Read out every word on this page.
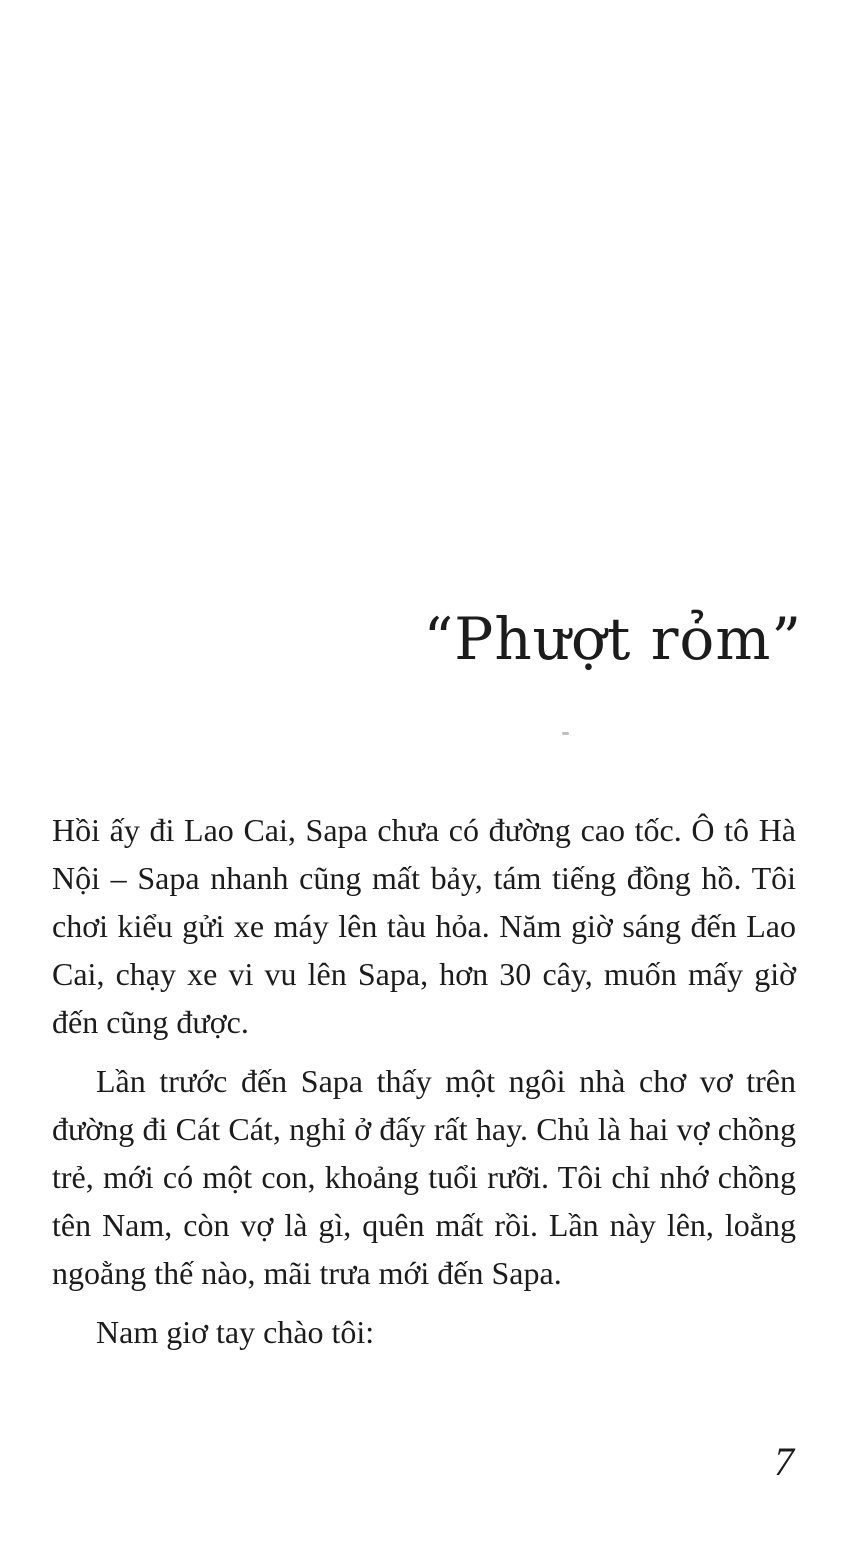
“Phượt rỏm”

Hồi ấy đi Lao Cai, Sapa chưa có đường cao tốc. Ô tô Hà Nội – Sapa nhanh cũng mất bảy, tám tiếng đồng hồ. Tôi chơi kiểu gửi xe máy lên tàu hỏa. Năm giờ sáng đến Lao Cai, chạy xe vi vu lên Sapa, hơn 30 cây, muốn mấy giờ đến cũng được.

Lần trước đến Sapa thấy một ngôi nhà chơ vơ trên đường đi Cát Cát, nghỉ ở đấy rất hay. Chủ là hai vợ chồng trẻ, mới có một con, khoảng tuổi rưỡi. Tôi chỉ nhớ chồng tên Nam, còn vợ là gì, quên mất rồi. Lần này lên, loằng ngoằng thế nào, mãi trưa mới đến Sapa.

Nam giơ tay chào tôi:

7
